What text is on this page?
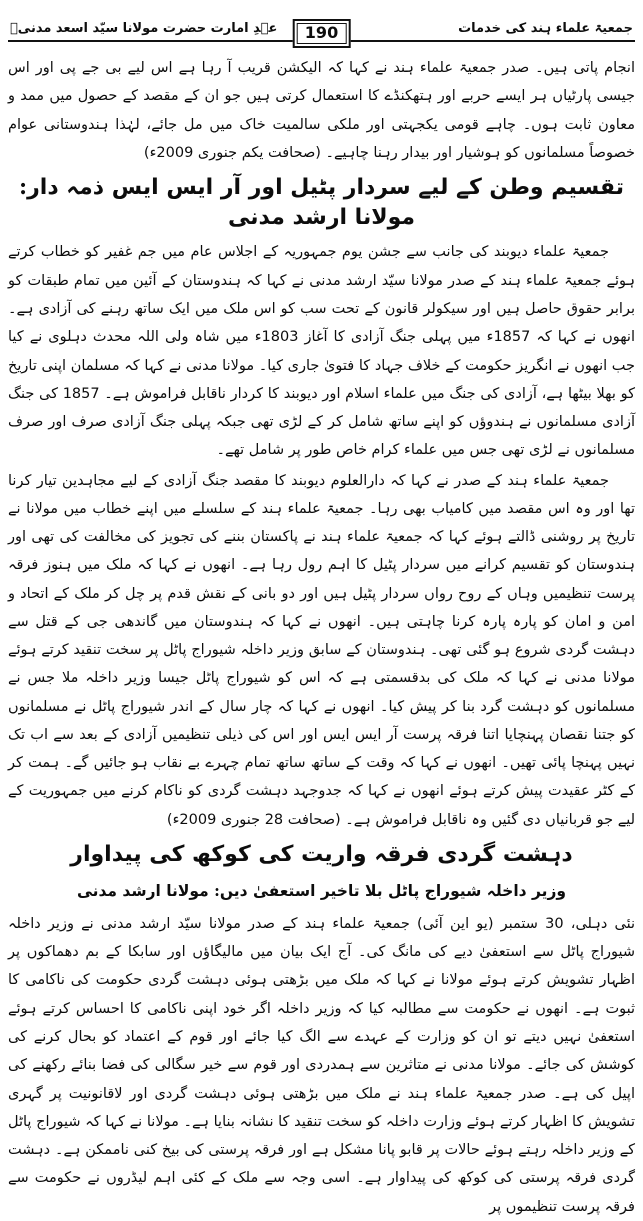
جمعیۃ علماء ہند کی خدمات
عہدِ امارت حضرت مولانا سیّد اسعد مدنیؒ	190

انجام پاتی ہیں۔ صدر جمعیۃ علماء ہند نے کہا کہ الیکشن قریب آ رہا ہے اس لیے بی جے پی اور اس جیسی پارٹیاں ہر ایسے حربے اور ہتھکنڈے کا استعمال کرتی ہیں جو ان کے مقصد کے حصول میں ممد و معاون ثابت ہوں۔ چاہے قومی یکجہتی اور ملکی سالمیت خاک میں مل جائے، لہٰذا ہندوستانی عوام خصوصاً مسلمانوں کو ہوشیار اور بیدار رہنا چاہیے۔ (صحافت یکم جنوری 2009ء)

تقسیم وطن کے لیے سردار پٹیل اور آر ایس ایس ذمہ دار: مولانا ارشد مدنی

جمعیۃ علماء دیوبند کی جانب سے جشن یوم جمہوریہ کے اجلاس عام میں جم غفیر کو خطاب کرتے ہوئے جمعیۃ علماء ہند کے صدر مولانا سیّد ارشد مدنی نے کہا کہ ہندوستان کے آئین میں تمام طبقات کو برابر حقوق حاصل ہیں اور سیکولر قانون کے تحت سب کو اس ملک میں ایک ساتھ رہنے کی آزادی ہے۔ انھوں نے کہا کہ 1857ء میں پہلی جنگ آزادی کا آغاز 1803ء میں شاہ ولی اللہ محدث دہلوی نے کیا جب انھوں نے انگریز حکومت کے خلاف جہاد کا فتویٰ جاری کیا۔ مولانا مدنی نے کہا کہ مسلمان اپنی تاریخ کو بھلا بیٹھا ہے، آزادی کی جنگ میں علماء اسلام اور دیوبند کا کردار ناقابل فراموش ہے۔ 1857 کی جنگ آزادی مسلمانوں نے ہندوؤں کو اپنے ساتھ شامل کر کے لڑی تھی جبکہ پہلی جنگ آزادی صرف اور صرف مسلمانوں نے لڑی تھی جس میں علماء کرام خاص طور پر شامل تھے۔

جمعیۃ علماء ہند کے صدر نے کہا کہ دارالعلوم دیوبند کا مقصد جنگ آزادی کے لیے مجاہدین تیار کرنا تھا اور وہ اس مقصد میں کامیاب بھی رہا۔ جمعیۃ علماء ہند کے سلسلے میں اپنے خطاب میں مولانا نے تاریخ پر روشنی ڈالتے ہوئے کہا کہ جمعیۃ علماء ہند نے پاکستان بننے کی تجویز کی مخالفت کی تھی اور ہندوستان کو تقسیم کرانے میں سردار پٹیل کا اہم رول رہا ہے۔ انھوں نے کہا کہ ملک میں ہنوز فرقہ پرست تنظیمیں وہاں کے روح رواں سردار پٹیل ہیں اور دو بانی کے نقش قدم پر چل کر ملک کے اتحاد و امن و امان کو پارہ پارہ کرنا چاہتی ہیں۔ انھوں نے کہا کہ ہندوستان میں گاندھی جی کے قتل سے دہشت گردی شروع ہو گئی تھی۔ ہندوستان کے سابق وزیر داخلہ شیوراج پاٹل پر سخت تنقید کرتے ہوئے مولانا مدنی نے کہا کہ ملک کی بدقسمتی ہے کہ اس کو شیوراج پاٹل جیسا وزیر داخلہ ملا جس نے مسلمانوں کو دہشت گرد بنا کر پیش کیا۔ انھوں نے کہا کہ چار سال کے اندر شیوراج پاٹل نے مسلمانوں کو جتنا نقصان پہنچایا اتنا فرقہ پرست آر ایس ایس اور اس کی ذیلی تنظیمیں آزادی کے بعد سے اب تک نہیں پہنچا پائی تھیں۔ انھوں نے کہا کہ وقت کے ساتھ ساتھ تمام چہرے بے نقاب ہو جائیں گے۔ ہمت کر کے کٹر عقیدت پیش کرتے ہوئے انھوں نے کہا کہ جدوجہد دہشت گردی کو ناکام کرنے میں جمہوریت کے لیے جو قربانیاں دی گئیں وہ ناقابل فراموش ہے۔ (صحافت 28 جنوری 2009ء)

دہشت گردی فرقہ واریت کی کوکھ کی پیداوار
وزیر داخلہ شیوراج پاٹل بلا تاخیر استعفیٰ دیں: مولانا ارشد مدنی

نئی دہلی، 30 ستمبر (یو این آئی) جمعیۃ علماء ہند کے صدر مولانا سیّد ارشد مدنی نے وزیر داخلہ شیوراج پاٹل سے استعفیٰ دیے کی مانگ کی۔ آج ایک بیان میں مالیگاؤں اور سابکا کے بم دھماکوں پر اظہار تشویش کرتے ہوئے مولانا نے کہا کہ ملک میں بڑھتی ہوئی دہشت گردی حکومت کی ناکامی کا ثبوت ہے۔ انھوں نے حکومت سے مطالبہ کیا کہ وزیر داخلہ اگر خود اپنی ناکامی کا احساس کرتے ہوئے استعفیٰ نہیں دیتے تو ان کو وزارت کے عہدے سے الگ کیا جائے اور قوم کے اعتماد کو بحال کرنے کی کوشش کی جائے۔ مولانا مدنی نے متاثرین سے ہمدردی اور قوم سے خیر سگالی کی فضا بنائے رکھنے کی اپیل کی ہے۔ صدر جمعیۃ علماء ہند نے ملک میں بڑھتی ہوئی دہشت گردی اور لاقانونیت پر گہری تشویش کا اظہار کرتے ہوئے وزارت داخلہ کو سخت تنقید کا نشانہ بنایا ہے۔ مولانا نے کہا کہ شیوراج پاٹل کے وزیر داخلہ رہتے ہوئے حالات پر قابو پانا مشکل ہے اور فرقہ پرستی کی بیخ کنی ناممکن ہے۔ دہشت گردی فرقہ پرستی کی کوکھ کی پیداوار ہے۔ اسی وجہ سے ملک کے کئی اہم لیڈروں نے حکومت سے فرقہ پرست تنظیموں پر
